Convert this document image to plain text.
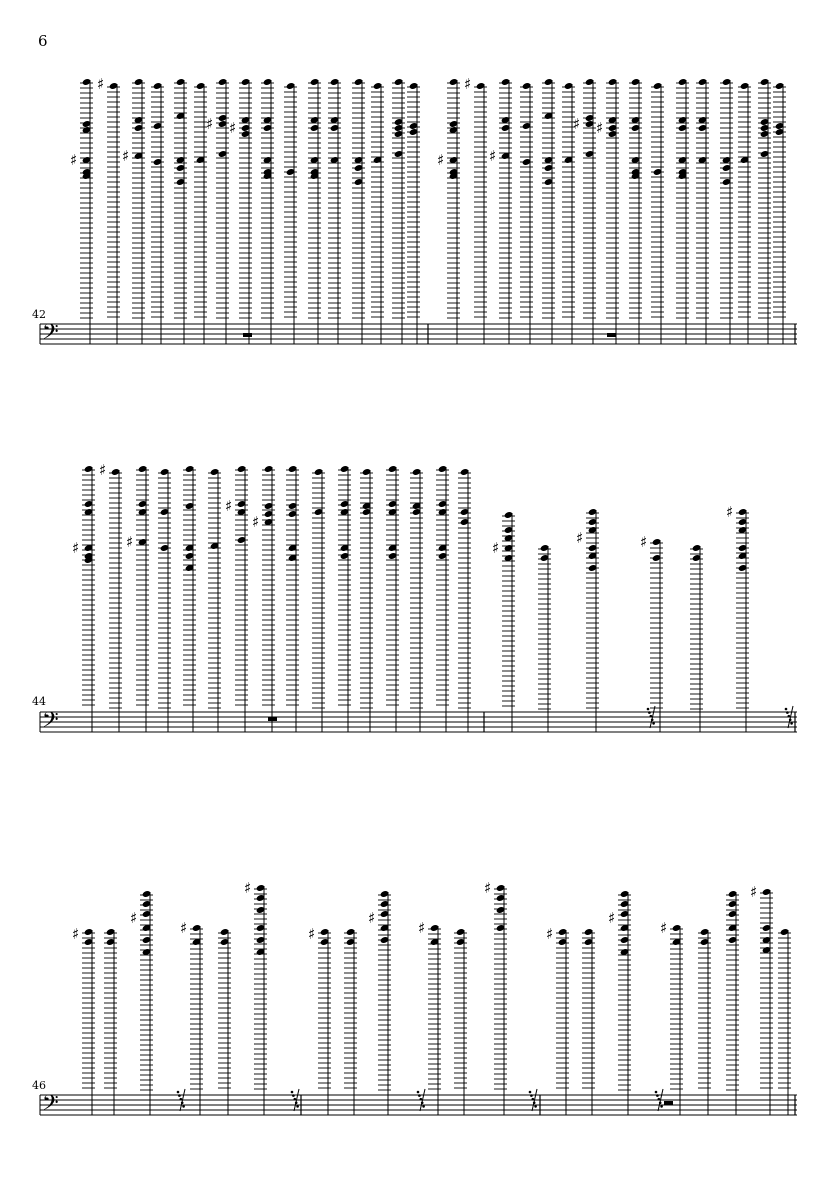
6
42
𝄢
♯
♯
♯
♯ ♯
♯
♯
♯
♯ ♯
44
𝄢
♯
♯
♯
♯
♯
♯
♯	♯
♯
46
𝄢
♯
♯
♯
♯
♯
♯
♯
♯
♯
♯
♯
♯
